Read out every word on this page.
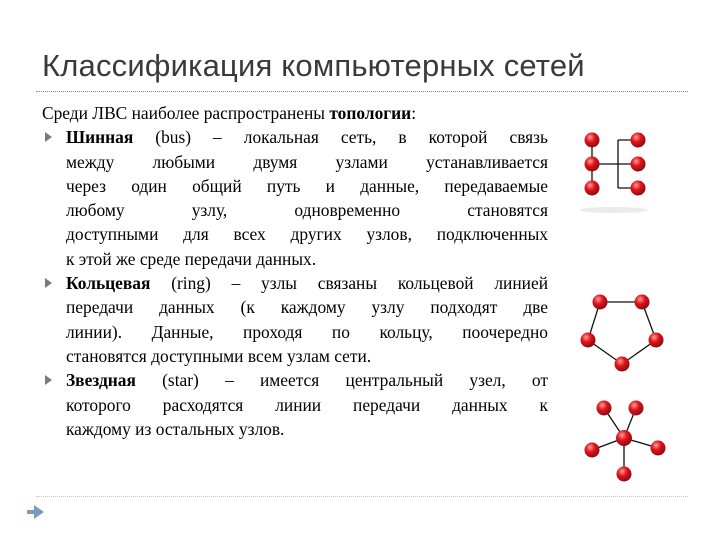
Классификация компьютерных сетей
Среди ЛВС наиболее распространены топологии:
Шинная (bus) – локальная сеть, в которой связь
между любыми двумя узлами устанавливается
через один общий путь и данные, передаваемые
любому узлу, одновременно становятся
доступными для всех других узлов, подключенных
к этой же среде передачи данных.
Кольцевая (ring) – узлы связаны кольцевой линией
передачи данных (к каждому узлу подходят две
линии). Данные, проходя по кольцу, поочередно
становятся доступными всем узлам сети.
Звездная (star) – имеется центральный узел, от
которого расходятся линии передачи данных к
каждому из остальных узлов.
